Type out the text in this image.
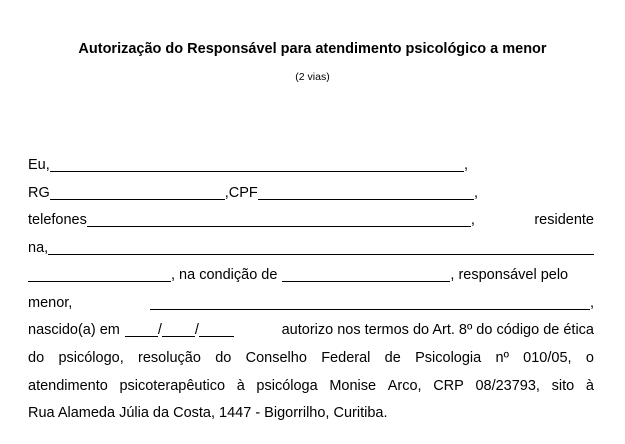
Autorização do Responsável para atendimento psicológico a menor
(2 vias)
Eu,	,
RG	,CPF	,
telefones	,	residente
na,
, na condição de	, responsável pelo
menor,	,
nascido(a) em	/ /	autorizo nos termos do Art. 8º do código de ética
do psicólogo, resolução do Conselho Federal de Psicologia nº 010/05, o
atendimento psicoterapêutico à psicóloga Monise Arco, CRP 08/23793, sito à
Rua Alameda Júlia da Costa, 1447 - Bigorrilho, Curitiba.
